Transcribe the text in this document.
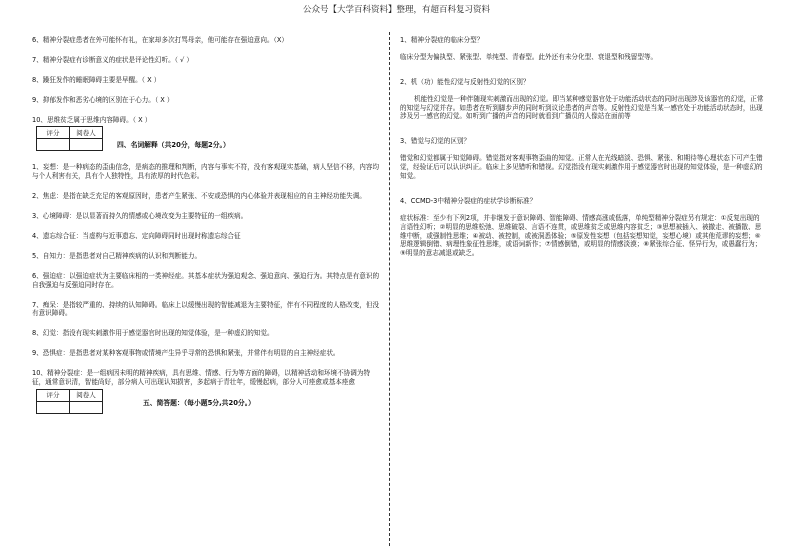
公众号【大学百科资料】整理，有超百科复习资料
6、精神分裂症患者在外可能怀有礼，在家却多次打骂母亲，他可能存在强迫意向。（X）
7、精神分裂症有诊断意义的症状是评论性幻听。（ √ ）
8、躁狂发作的睡眠障碍主要是早醒。（ X ）
9、抑郁发作和恶劣心境的区别在于心力。（ X ）
10、思维贫乏属于思维内容障碍。（ X ）
评分	阅卷人

四、名词解释（共20分，每题2分。）
1、妄想：是一种病态的歪曲信念，是病态的推理和判断，内容与事实不符，没有客观现实基础，病人坚信不移，内容均与个人利害有关，具有个人独特性，具有浓厚的时代色彩。
2、焦虑：是指在缺乏充足的客观原因时，患者产生紧张、不安或恐惧的内心体验并表现相应的自主神经功能失调。
3、心境障碍：是以显著而持久的情感或心境改变为主要特征的一组疾病。
4、遗忘综合征：当虚构与近事遗忘、定向障碍同时出现时称遗忘综合征
5、自知力：是指患者对自己精神疾病的认识和判断能力。
6、强迫症：以强迫症状为主要临床相的一类神经症。其基本症状为强迫观念、强迫意向、强迫行为。其特点是有意识的自我强迫与反强迫同时存在。
7、痴呆：是指较严重的、持续的认知障碍。临床上以缓慢出现的智能减退为主要特征，伴有不同程度的人格改变，但没有意识障碍。
8、幻觉：指没有现实刺激作用于感觉器官时出现的知觉体验，是一种虚幻的知觉。
9、恐惧症：是指患者对某种客观事物或情境产生异乎寻常的恐惧和紧张，并常伴有明显的自主神经症状。
10、精神分裂症：是一组病因未明的精神疾病，具有思维、情感、行为等方面的障碍，以精神活动和环境不协调为特征，通常意识清，智能尚好，部分病人可出现认知损害，多起病于青壮年，缓慢起病，部分人可痊愈或基本痊愈
评分	阅卷人

五、简答题：（每小题5分,共20分。）
1、精神分裂症的临床分型？
临床分型为偏执型、紧张型、单纯型、青春型。此外还有未分化型、衰退型和残留型等。
2、机（功）能性幻觉与反射性幻觉的区别？
机能性幻觉是一种伴随现实刺激而出现的幻觉。即当某种感觉器官处于功能活动状态的同时出现涉及该器官的幻觉，正常的知觉与幻觉并存。如患者在听到脚步声的同时听到议论患者的声音等。反射性幻觉是当某一感官处于功能活动状态时，出现涉及另一感官的幻觉。如听到广播的声音的同时就看到广播员的人像站在面前等
3、错觉与幻觉的区别？
错觉和幻觉都属于知觉障碍。错觉指对客观事物歪曲的知觉。正常人在光线暗淡、恐惧、紧张、和期待等心理状态下可产生错觉，经验证后可以认识纠正。临床上多见错听和错视。幻觉指没有现实刺激作用于感觉器官时出现的知觉体验，是一种虚幻的知觉。
4、CCMD-3中精神分裂症的症状学诊断标准？
症状标准：至少有下列2项，并非继发于意识障碍、智能障碍、情感高涨或低落，单纯型精神分裂症另有规定：①反复出现的言语性幻听；②明显的思维松弛、思维破裂、言语不连贯，或思维贫乏或思维内容贫乏；③思想被插入、被撤走、被播散、思维中断，或强制性思维；④被动、被控制，或被洞悉体验；⑤原发性妄想（包括妄想知觉，妄想心境）或其他荒谬的妄想；⑥思维逻辑倒错、病理性象征性思维，或语词新作；⑦情感倒错，或明显的情感淡漠；⑧紧张综合征、怪异行为，或愚蠢行为；⑨明显的意志减退或缺乏。
